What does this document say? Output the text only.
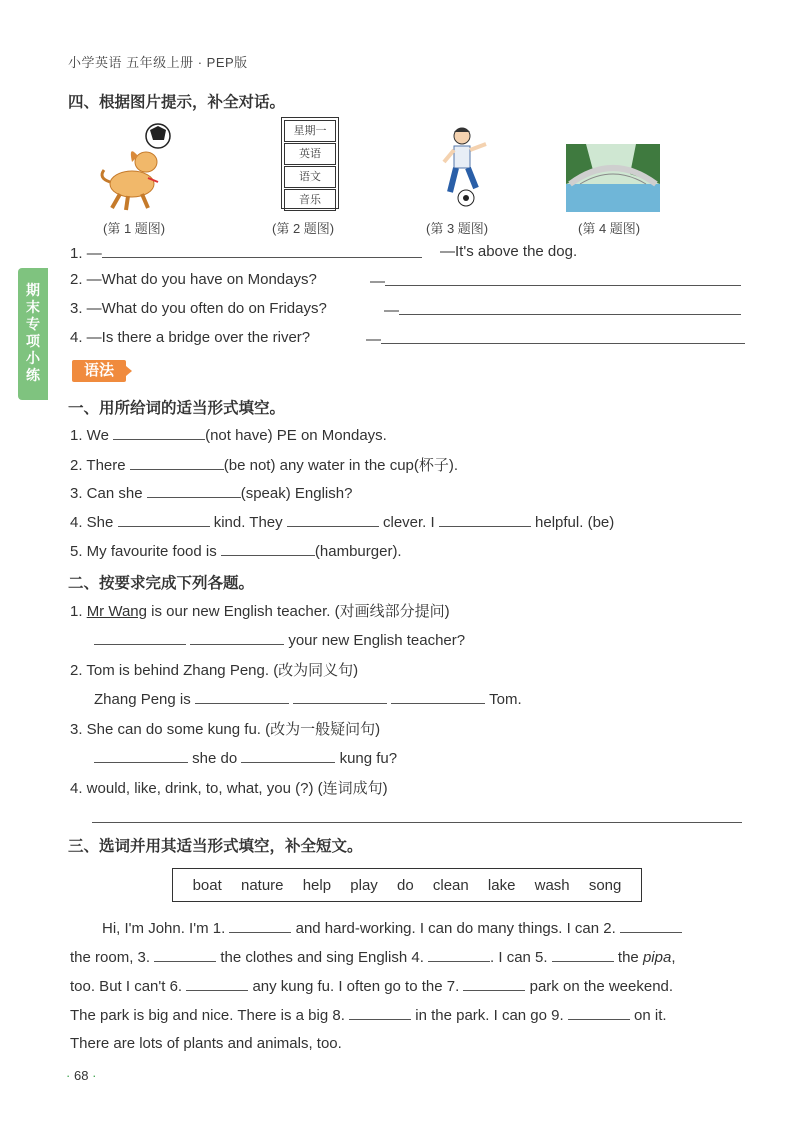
小学英语 五年级上册 · PEP版
期
末
专
项
小
练
四、根据图片提示，补全对话。
星期一
英语
语文
音乐
(第 1 题图)	(第 2 题图)	(第 3 题图)	(第 4 题图)
1. —	—It's above the dog.
2. —What do you have on Mondays?	—
3. —What do you often do on Fridays?	—
4. —Is there a bridge over the river?	—
语法
一、用所给词的适当形式填空。
1. We	(not have) PE on Mondays.
2. There	(be not) any water in the cup(杯子).
3. Can she	(speak) English?
4. She	kind. They	clever. I	helpful. (be)
5. My favourite food is	(hamburger).
二、按要求完成下列各题。
1. Mr Wang is our new English teacher. (对画线部分提问)
your new English teacher?
2. Tom is behind Zhang Peng. (改为同义句)
Zhang Peng is	Tom.
3. She can do some kung fu. (改为一般疑问句)
she do	kung fu?
4. would, like, drink, to, what, you (?) (连词成句)
三、选词并用其适当形式填空，补全短文。
boat nature help play do clean lake wash song
Hi, I'm John. I'm 1.	and hard-working. I can do many things. I can 2.
the room, 3.	the clothes and sing English 4.	. I can 5.	the pipa,
too. But I can't 6.	any kung fu. I often go to the 7.	park on the weekend.
The park is big and nice. There is a big 8.	in the park. I can go 9.	on it.
There are lots of plants and animals, too.
· 68 ·
